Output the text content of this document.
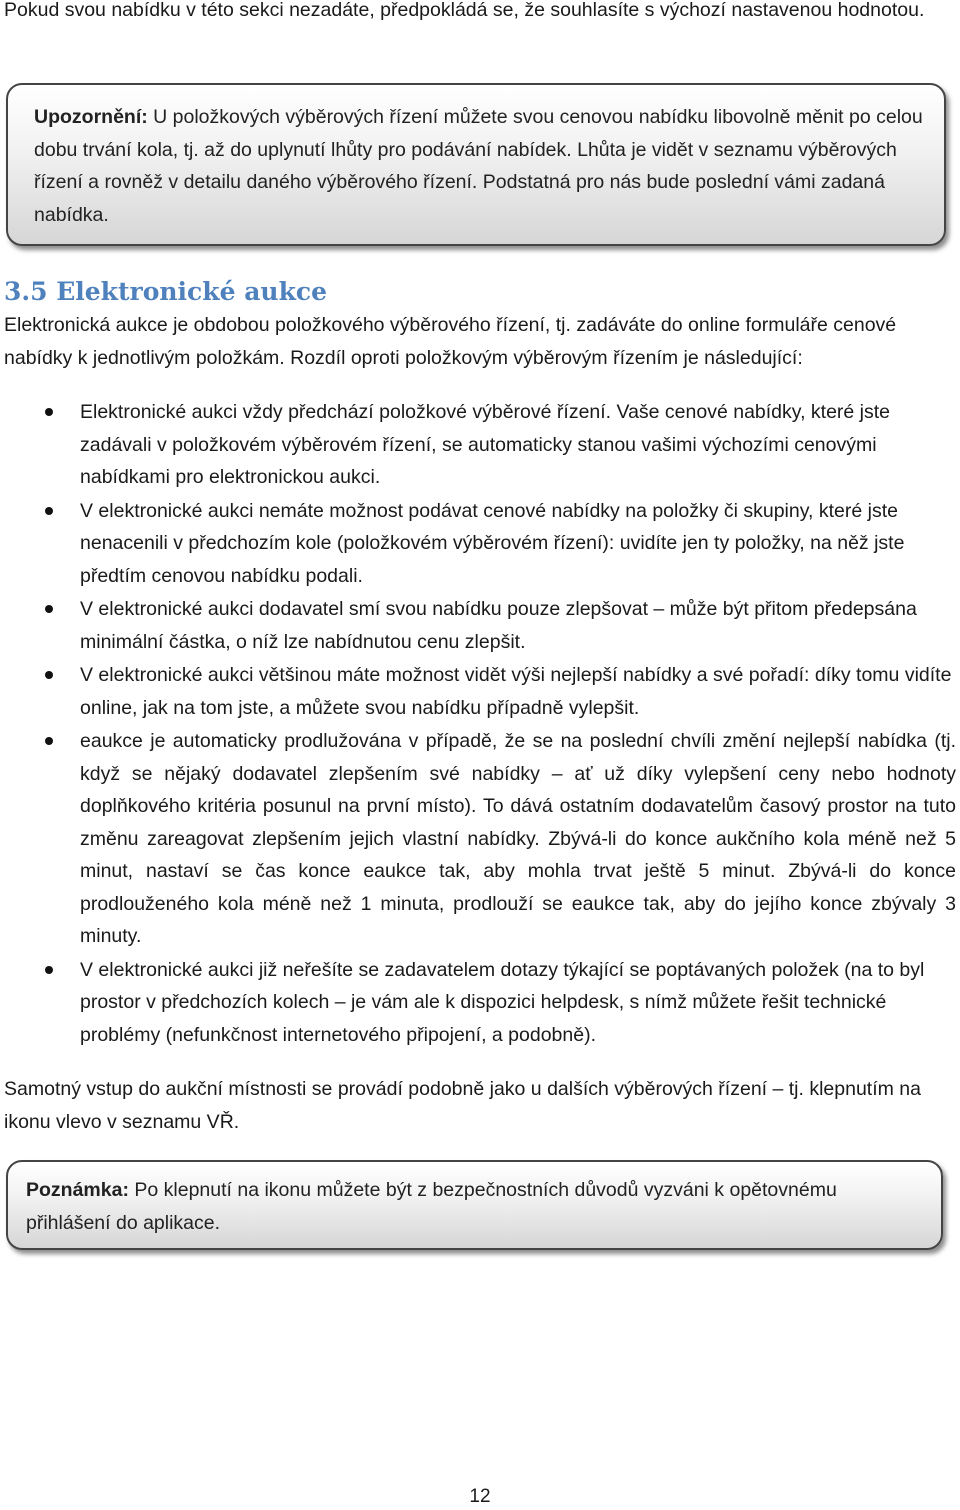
Pokud svou nabídku v této sekci nezadáte, předpokládá se, že souhlasíte s výchozí nastavenou hodnotou.

Upozornění: U položkových výběrových řízení můžete svou cenovou nabídku libovolně měnit po celou dobu trvání kola, tj. až do uplynutí lhůty pro podávání nabídek. Lhůta je vidět v seznamu výběrových řízení a rovněž v detailu daného výběrového řízení. Podstatná pro nás bude poslední vámi zadaná nabídka.

3.5 Elektronické aukce

Elektronická aukce je obdobou položkového výběrového řízení, tj. zadáváte do online formuláře cenové nabídky k jednotlivým položkám. Rozdíl oproti položkovým výběrovým řízením je následující:

Elektronické aukci vždy předchází položkové výběrové řízení. Vaše cenové nabídky, které jste zadávali v položkovém výběrovém řízení, se automaticky stanou vašimi výchozími cenovými nabídkami pro elektronickou aukci.
V elektronické aukci nemáte možnost podávat cenové nabídky na položky či skupiny, které jste nenacenili v předchozím kole (položkovém výběrovém řízení): uvidíte jen ty položky, na něž jste předtím cenovou nabídku podali.
V elektronické aukci dodavatel smí svou nabídku pouze zlepšovat – může být přitom předepsána minimální částka, o níž lze nabídnutou cenu zlepšit.
V elektronické aukci většinou máte možnost vidět výši nejlepší nabídky a své pořadí: díky tomu vidíte online, jak na tom jste, a můžete svou nabídku případně vylepšit.
eaukce je automaticky prodlužována v případě, že se na poslední chvíli změní nejlepší nabídka (tj. když se nějaký dodavatel zlepšením své nabídky – ať už díky vylepšení ceny nebo hodnoty doplňkového kritéria posunul na první místo). To dává ostatním dodavatelům časový prostor na tuto změnu zareagovat zlepšením jejich vlastní nabídky. Zbývá-li do konce aukčního kola méně než 5 minut, nastaví se čas konce eaukce tak, aby mohla trvat ještě 5 minut. Zbývá-li do konce prodlouženého kola méně než 1 minuta, prodlouží se eaukce tak, aby do jejího konce zbývaly 3 minuty.
V elektronické aukci již neřešíte se zadavatelem dotazy týkající se poptávaných položek (na to byl prostor v předchozích kolech – je vám ale k dispozici helpdesk, s nímž můžete řešit technické problémy (nefunkčnost internetového připojení, a podobně).

Samotný vstup do aukční místnosti se provádí podobně jako u dalších výběrových řízení – tj. klepnutím na ikonu vlevo v seznamu VŘ.

Poznámka: Po klepnutí na ikonu můžete být z bezpečnostních důvodů vyzváni k opětovnému přihlášení do aplikace.

12
